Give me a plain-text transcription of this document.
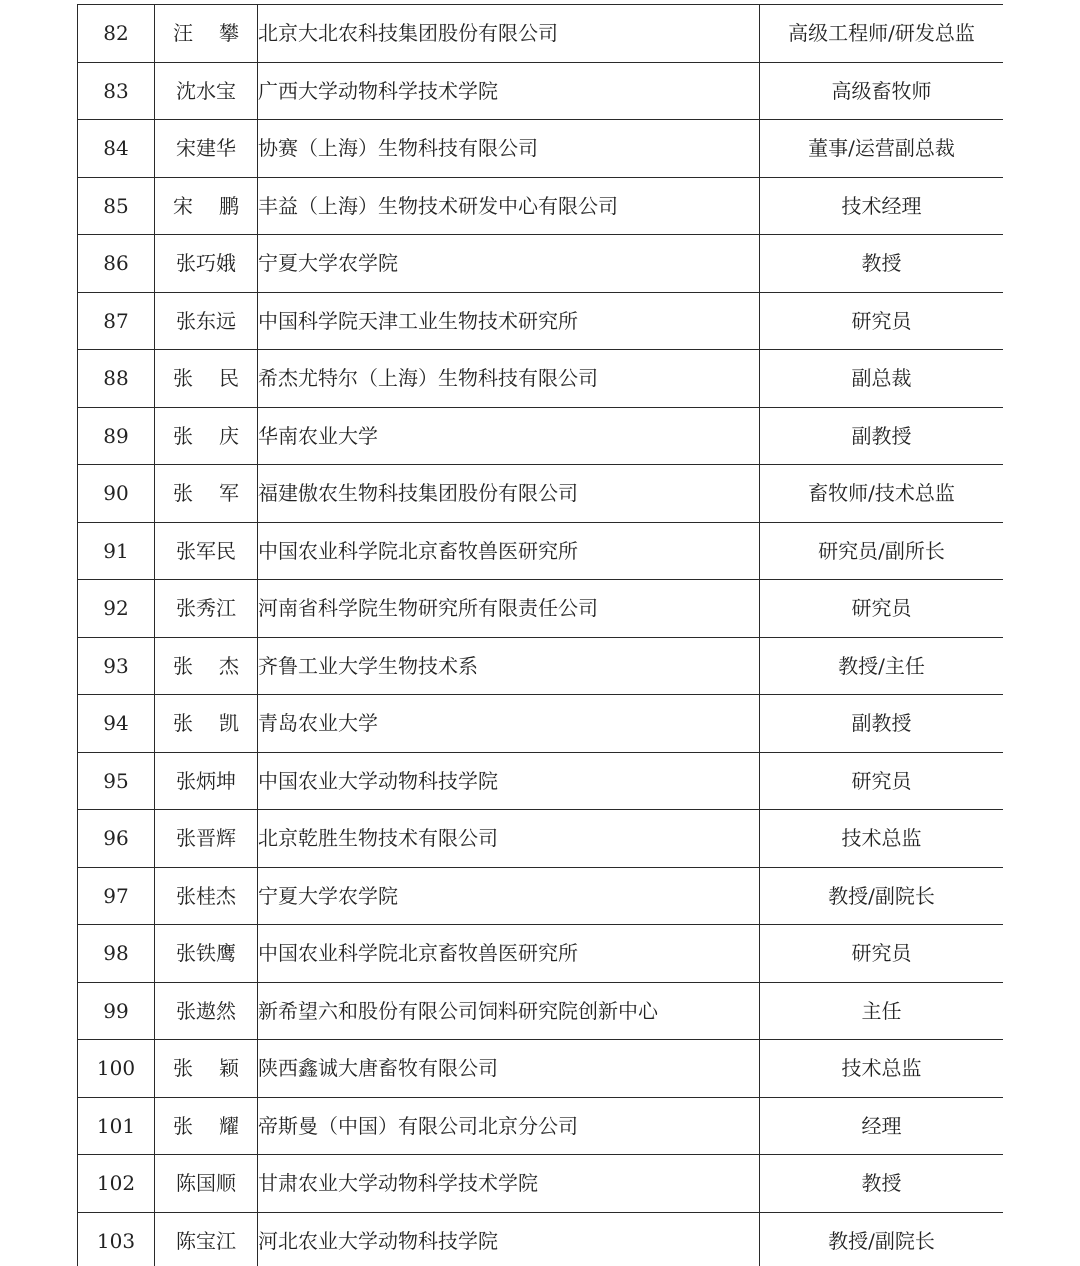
82	汪 攀	北京大北农科技集团股份有限公司	高级工程师/研发总监
83	沈水宝	广西大学动物科学技术学院	高级畜牧师
84	宋建华	协赛（上海）生物科技有限公司	董事/运营副总裁
85	宋 鹏	丰益（上海）生物技术研发中心有限公司	技术经理
86	张巧娥	宁夏大学农学院	教授
87	张东远	中国科学院天津工业生物技术研究所	研究员
88	张 民	希杰尤特尔（上海）生物科技有限公司	副总裁
89	张 庆	华南农业大学	副教授
90	张 军	福建傲农生物科技集团股份有限公司	畜牧师/技术总监
91	张军民	中国农业科学院北京畜牧兽医研究所	研究员/副所长
92	张秀江	河南省科学院生物研究所有限责任公司	研究员
93	张 杰	齐鲁工业大学生物技术系	教授/主任
94	张 凯	青岛农业大学	副教授
95	张炳坤	中国农业大学动物科技学院	研究员
96	张晋辉	北京乾胜生物技术有限公司	技术总监
97	张桂杰	宁夏大学农学院	教授/副院长
98	张铁鹰	中国农业科学院北京畜牧兽医研究所	研究员
99	张遨然	新希望六和股份有限公司饲料研究院创新中心	主任
100	张 颖	陕西鑫诚大唐畜牧有限公司	技术总监
101	张 耀	帝斯曼（中国）有限公司北京分公司	经理
102	陈国顺	甘肃农业大学动物科学技术学院	教授
103	陈宝江	河北农业大学动物科技学院	教授/副院长
